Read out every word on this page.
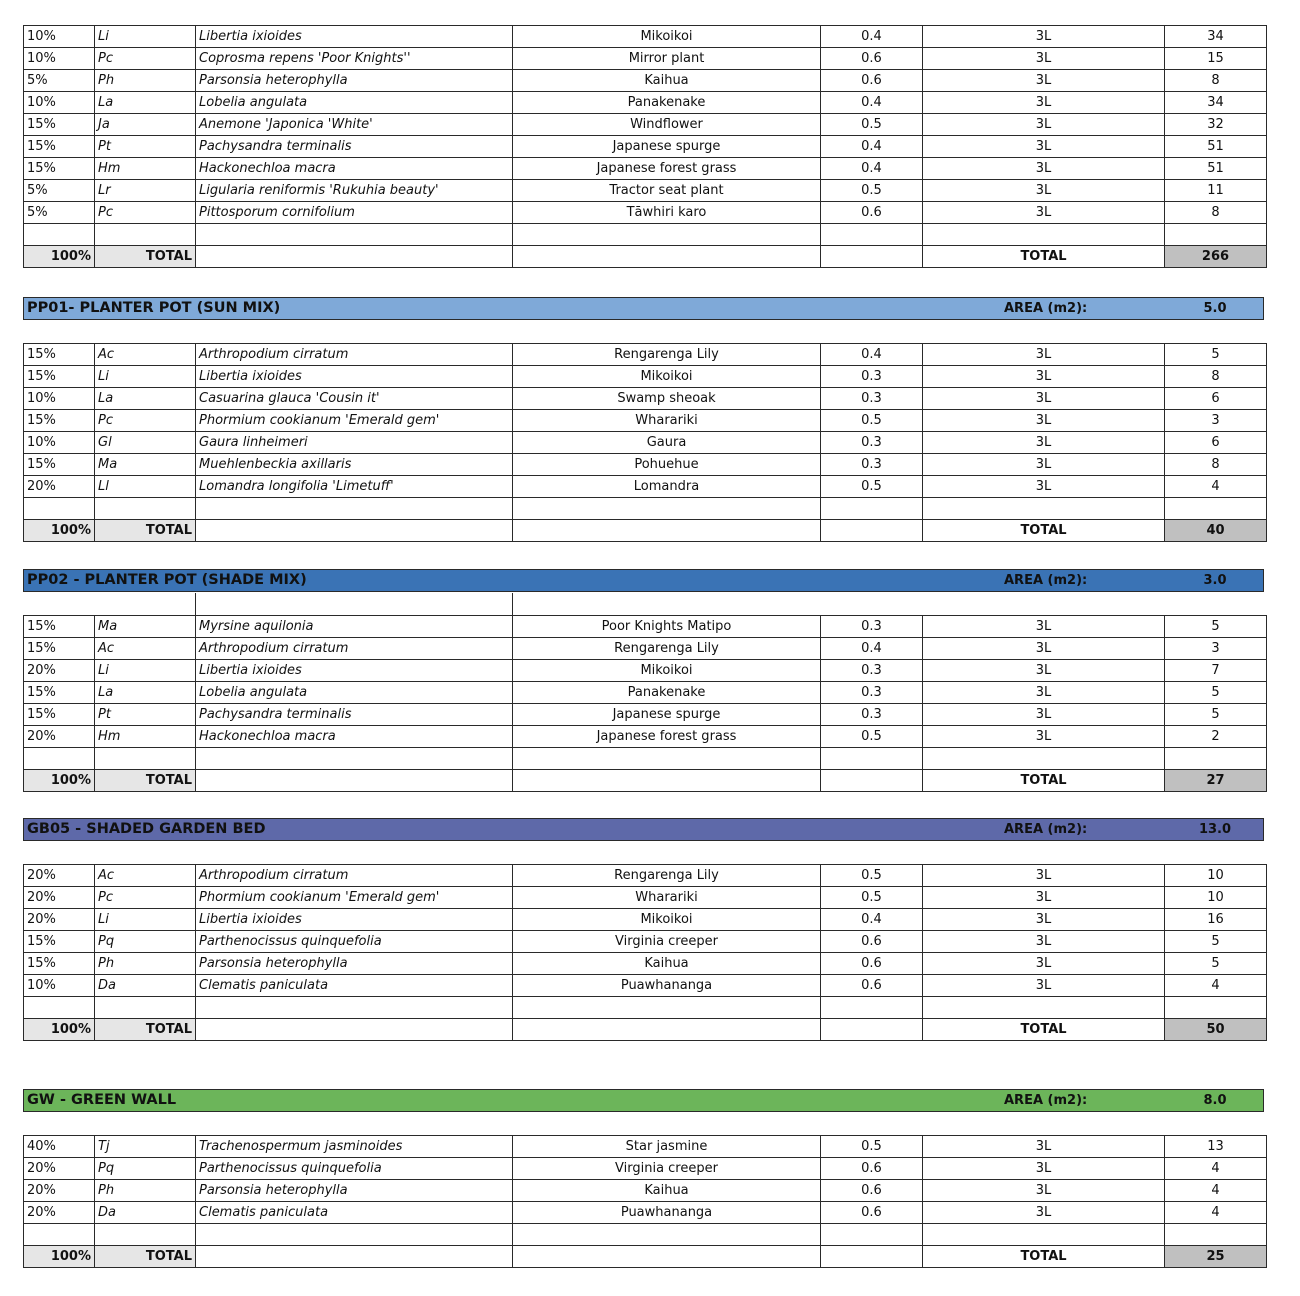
10%	Li	Libertia ixioides	Mikoikoi	0.4	3L	34
10%	Pc	Coprosma repens 'Poor Knights''	Mirror plant	0.6	3L	15
5%	Ph	Parsonsia heterophylla	Kaihua	0.6	3L	8
10%	La	Lobelia angulata	Panakenake	0.4	3L	34
15%	Ja	Anemone 'Japonica 'White'	Windflower	0.5	3L	32
15%	Pt	Pachysandra terminalis	Japanese spurge	0.4	3L	51
15%	Hm	Hackonechloa macra	Japanese forest grass	0.4	3L	51
5%	Lr	Ligularia reniformis 'Rukuhia beauty'	Tractor seat plant	0.5	3L	11
5%	Pc	Pittosporum cornifolium	Tāwhiri karo	0.6	3L	8

100%	TOTAL				TOTAL	266
PP01- PLANTER POT (SUN MIX)	AREA (m2):	5.0
15%	Ac	Arthropodium cirratum	Rengarenga Lily	0.4	3L	5
15%	Li	Libertia ixioides	Mikoikoi	0.3	3L	8
10%	La	Casuarina glauca 'Cousin it'	Swamp sheoak	0.3	3L	6
15%	Pc	Phormium cookianum 'Emerald gem'	Wharariki	0.5	3L	3
10%	Gl	Gaura linheimeri	Gaura	0.3	3L	6
15%	Ma	Muehlenbeckia axillaris	Pohuehue	0.3	3L	8
20%	Ll	Lomandra longifolia 'Limetuff'	Lomandra	0.5	3L	4

100%	TOTAL				TOTAL	40
PP02 - PLANTER POT (SHADE MIX)	AREA (m2):	3.0
15%	Ma	Myrsine aquilonia	Poor Knights Matipo	0.3	3L	5
15%	Ac	Arthropodium cirratum	Rengarenga Lily	0.4	3L	3
20%	Li	Libertia ixioides	Mikoikoi	0.3	3L	7
15%	La	Lobelia angulata	Panakenake	0.3	3L	5
15%	Pt	Pachysandra terminalis	Japanese spurge	0.3	3L	5
20%	Hm	Hackonechloa macra	Japanese forest grass	0.5	3L	2

100%	TOTAL				TOTAL	27
GB05 - SHADED GARDEN BED	AREA (m2):	13.0
20%	Ac	Arthropodium cirratum	Rengarenga Lily	0.5	3L	10
20%	Pc	Phormium cookianum 'Emerald gem'	Wharariki	0.5	3L	10
20%	Li	Libertia ixioides	Mikoikoi	0.4	3L	16
15%	Pq	Parthenocissus quinquefolia	Virginia creeper	0.6	3L	5
15%	Ph	Parsonsia heterophylla	Kaihua	0.6	3L	5
10%	Da	Clematis paniculata	Puawhananga	0.6	3L	4

100%	TOTAL				TOTAL	50
GW - GREEN WALL	AREA (m2):	8.0
40%	Tj	Trachenospermum jasminoides	Star jasmine	0.5	3L	13
20%	Pq	Parthenocissus quinquefolia	Virginia creeper	0.6	3L	4
20%	Ph	Parsonsia heterophylla	Kaihua	0.6	3L	4
20%	Da	Clematis paniculata	Puawhananga	0.6	3L	4

100%	TOTAL				TOTAL	25
